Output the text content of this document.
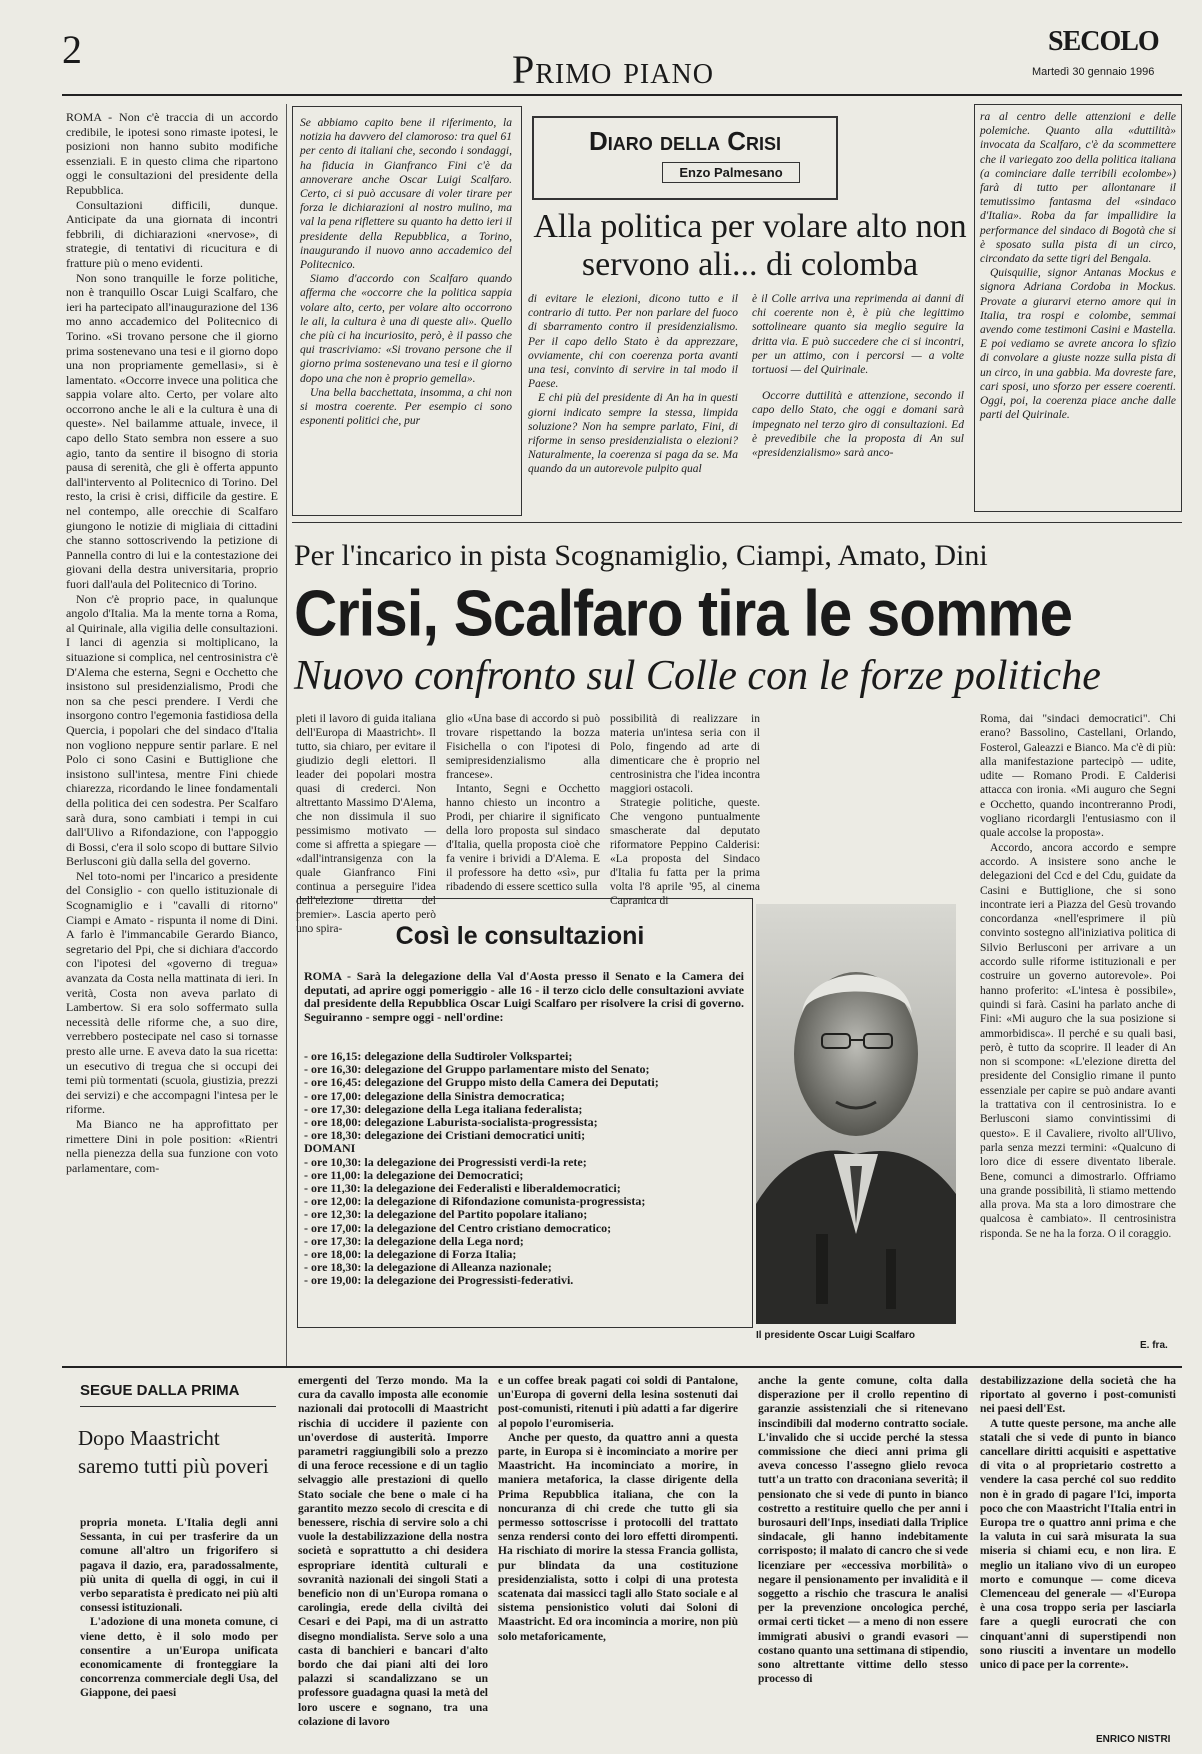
2	Primo piano
SECOLO
Martedì 30 gennaio 1996

ROMA - Non c'è traccia di un accordo credibile, le ipotesi sono rimaste ipotesi, le posizioni non hanno subito modifiche essenziali. E in questo clima che ripartono oggi le consultazioni del presidente della Repubblica.

Consultazioni difficili, dunque. Anticipate da una giornata di incontri febbrili, di dichiarazioni «nervose», di strategie, di tentativi di ricucitura e di fratture più o meno evidenti.

Non sono tranquille le forze politiche, non è tranquillo Oscar Luigi Scalfaro, che ieri ha partecipato all'inaugurazione del 136 mo anno accademico del Politecnico di Torino. «Si trovano persone che il giorno prima sostenevano una tesi e il giorno dopo una non propriamente gemellasi», si è lamentato. «Occorre invece una politica che sappia volare alto. Certo, per volare alto occorrono anche le ali e la cultura è una di queste». Nel bailamme attuale, invece, il capo dello Stato sembra non essere a suo agio, tanto da sentire il bisogno di storia pausa di serenità, che gli è offerta appunto dall'intervento al Politecnico di Torino. Del resto, la crisi è crisi, difficile da gestire. E nel contempo, alle orecchie di Scalfaro giungono le notizie di migliaia di cittadini che stanno sottoscrivendo la petizione di Pannella contro di lui e la contestazione dei giovani della destra universitaria, proprio fuori dall'aula del Politecnico di Torino.

Non c'è proprio pace, in qualunque angolo d'Italia. Ma la mente torna a Roma, al Quirinale, alla vigilia delle consultazioni. I lanci di agenzia si moltiplicano, la situazione si complica, nel centrosinistra c'è D'Alema che esterna, Segni e Occhetto che insistono sul presidenzialismo, Prodi che non sa che pesci prendere. I Verdi che insorgono contro l'egemonia fastidiosa della Quercia, i popolari che del sindaco d'Italia non vogliono neppure sentir parlare. E nel Polo ci sono Casini e Buttiglione che insistono sull'intesa, mentre Fini chiede chiarezza, ricordando le linee fondamentali della politica dei cen sodestra. Per Scalfaro sarà dura, sono cambiati i tempi in cui dall'Ulivo a Rifondazione, con l'appoggio di Bossi, c'era il solo scopo di buttare Silvio Berlusconi giù dalla sella del governo.

Nel toto-nomi per l'incarico a presidente del Consiglio - con quello istituzionale di Scognamiglio e i "cavalli di ritorno" Ciampi e Amato - rispunta il nome di Dini. A farlo è l'immancabile Gerardo Bianco, segretario del Ppi, che si dichiara d'accordo con l'ipotesi del «governo di tregua» avanzata da Costa nella mattinata di ieri. In verità, Costa non aveva parlato di Lambertow. Si era solo soffermato sulla necessità delle riforme che, a suo dire, verrebbero postecipate nel caso si tornasse presto alle urne. E aveva dato la sua ricetta: un esecutivo di tregua che si occupi dei temi più tormentati (scuola, giustizia, prezzi dei servizi) e che accompagni l'intesa per le riforme.

Ma Bianco ne ha approfittato per rimettere Dini in pole position: «Rientri nella pienezza della sua funzione con voto parlamentare, com-

Se abbiamo capito bene il riferimento, la notizia ha davvero del clamoroso: tra quel 61 per cento di italiani che, secondo i sondaggi, ha fiducia in Gianfranco Fini c'è da annoverare anche Oscar Luigi Scalfaro. Certo, ci si può accusare di voler tirare per forza le dichiarazioni al nostro mulino, ma val la pena riflettere su quanto ha detto ieri il presidente della Repubblica, a Torino, inaugurando il nuovo anno accademico del Politecnico.

Siamo d'accordo con Scalfaro quando afferma che «occorre che la politica sappia volare alto, certo, per volare alto occorrono le ali, la cultura è una di queste ali». Quello che più ci ha incuriosito, però, è il passo che qui trascriviamo: «Si trovano persone che il giorno prima sostenevano una tesi e il giorno dopo una che non è proprio gemella».

Una bella bacchettata, insomma, a chi non si mostra coerente. Per esempio ci sono esponenti politici che, pur

Diaro della Crisi
Enzo Palmesano
Alla politica per volare alto non servono ali... di colomba

di evitare le elezioni, dicono tutto e il contrario di tutto. Per non parlare del fuoco di sbarramento contro il presidenzialismo. Per il capo dello Stato è da apprezzare, ovviamente, chi con coerenza porta avanti una tesi, convinto di servire in tal modo il Paese.

E chi più del presidente di An ha in questi giorni indicato sempre la stessa, limpida soluzione? Non ha sempre parlato, Fini, di riforme in senso presidenzialista o elezioni? Naturalmente, la coerenza si paga da se. Ma quando da un autorevole pulpito qual

è il Colle arriva una reprimenda ai danni di chi coerente non è, è più che legittimo sottolineare quanto sia meglio seguire la dritta via. E può succedere che ci si incontri, per un attimo, con i percorsi — a volte tortuosi — del Quirinale.

Occorre duttilità e attenzione, secondo il capo dello Stato, che oggi e domani sarà impegnato nel terzo giro di consultazioni. Ed è prevedibile che la proposta di An sul «presidenzialismo» sarà anco-

ra al centro delle attenzioni e delle polemiche. Quanto alla «duttilità» invocata da Scalfaro, c'è da scommettere che il variegato zoo della politica italiana (a cominciare dalle terribili ecolombe») farà di tutto per allontanare il temutissimo fantasma del «sindaco d'Italia». Roba da far impallidire la performance del sindaco di Bogotà che si è sposato sulla pista di un circo, circondato da sette tigri del Bengala.

Quisquilie, signor Antanas Mockus e signora Adriana Cordoba in Mockus. Provate a giurarvi eterno amore qui in Italia, tra rospi e colombe, semmai avendo come testimoni Casini e Mastella. E poi vediamo se avrete ancora lo sfizio di convolare a giuste nozze sulla pista di un circo, in una gabbia. Ma dovreste fare, cari sposi, uno sforzo per essere coerenti. Oggi, poi, la coerenza piace anche dalle parti del Quirinale.

Per l'incarico in pista Scognamiglio, Ciampi, Amato, Dini
Crisi, Scalfaro tira le somme
Nuovo confronto sul Colle con le forze politiche

pleti il lavoro di guida italiana dell'Europa di Maastricht». Il tutto, sia chiaro, per evitare il giudizio degli elettori. Il leader dei popolari mostra quasi di crederci. Non altrettanto Massimo D'Alema, che non dissimula il suo pessimismo motivato — come si affretta a spiegare — «dall'intransigenza con la quale Gianfranco Fini continua a perseguire l'idea dell'elezione diretta del premier». Lascia aperto però uno spira-

glio «Una base di accordo si può trovare rispettando la bozza Fisichella o con l'ipotesi di semipresidenzialismo alla francese».

Intanto, Segni e Occhetto hanno chiesto un incontro a Prodi, per chiarire il significato della loro proposta sul sindaco d'Italia, quella proposta cioè che fa venire i brividi a D'Alema. E il professore ha detto «sì», pur ribadendo di essere scettico sulla

possibilità di realizzare in materia un'intesa seria con il Polo, fingendo ad arte di dimenticare che è proprio nel centrosinistra che l'idea incontra maggiori ostacoli.

Strategie politiche, queste. Che vengono puntualmente smascherate dal deputato riformatore Peppino Calderisi: «La proposta del Sindaco d'Italia fu fatta per la prima volta l'8 aprile '95, al cinema Capranica di

Roma, dai "sindaci democratici". Chi erano? Bassolino, Castellani, Orlando, Fosterol, Galeazzi e Bianco. Ma c'è di più: alla manifestazione partecipò — udite, udite — Romano Prodi. E Calderisi attacca con ironia. «Mi auguro che Segni e Occhetto, quando incontreranno Prodi, vogliano ricordargli l'entusiasmo con il quale accolse la proposta».

Accordo, ancora accordo e sempre accordo. A insistere sono anche le delegazioni del Ccd e del Cdu, guidate da Casini e Buttiglione, che si sono incontrate ieri a Piazza del Gesù trovando concordanza «nell'esprimere il più convinto sostegno all'iniziativa politica di Silvio Berlusconi per arrivare a un accordo sulle riforme istituzionali e per costruire un governo autorevole». Poi hanno proferito: «L'intesa è possibile», quindi si farà. Casini ha parlato anche di Fini: «Mi auguro che la sua posizione si ammorbidisca». Il perché e su quali basi, però, è tutto da scoprire. Il leader di An non si scompone: «L'elezione diretta del presidente del Consiglio rimane il punto essenziale per capire se può andare avanti la trattativa con il centrosinistra. Io e Berlusconi siamo convintissimi di questo». E il Cavaliere, rivolto all'Ulivo, parla senza mezzi termini: «Qualcuno di loro dice di essere diventato liberale. Bene, comunci a dimostrarlo. Offriamo una grande possibilità, lì stiamo mettendo alla prova. Ma sta a loro dimostrare che qualcosa è cambiato». Il centrosinistra risponda. Se ne ha la forza. O il coraggio.

E. fra.
Così le consultazioni
ROMA - Sarà la delegazione della Val d'Aosta presso il Senato e la Camera dei deputati, ad aprire oggi pomeriggio - alle 16 - il terzo ciclo delle consultazioni avviate dal presidente della Repubblica Oscar Luigi Scalfaro per risolvere la crisi di governo. Seguiranno - sempre oggi - nell'ordine:
- ore 16,15: delegazione della Sudtiroler Volkspartei;
- ore 16,30: delegazione del Gruppo parlamentare misto del Senato;
- ore 16,45: delegazione del Gruppo misto della Camera dei Deputati;
- ore 17,00: delegazione della Sinistra democratica;
- ore 17,30: delegazione della Lega italiana federalista;
- ore 18,00: delegazione Laburista-socialista-progressista;
- ore 18,30: delegazione dei Cristiani democratici uniti;
DOMANI
- ore 10,30: la delegazione dei Progressisti verdi-la rete;
- ore 11,00: la delegazione dei Democratici;
- ore 11,30: la delegazione dei Federalisti e liberaldemocratici;
- ore 12,00: la delegazione di Rifondazione comunista-progressista;
- ore 12,30: la delegazione del Partito popolare italiano;
- ore 17,00: la delegazione del Centro cristiano democratico;
- ore 17,30: la delegazione della Lega nord;
- ore 18,00: la delegazione di Forza Italia;
- ore 18,30: la delegazione di Alleanza nazionale;
- ore 19,00: la delegazione dei Progressisti-federativi.
Il presidente Oscar Luigi Scalfaro
SEGUE DALLA PRIMA
Dopo Maastricht saremo tutti più poveri

propria moneta. L'Italia degli anni Sessanta, in cui per trasferire da un comune all'altro un frigorifero si pagava il dazio, era, paradossalmente, più unita di quella di oggi, in cui il verbo separatista è predicato nei più alti consessi istituzionali.

L'adozione di una moneta comune, ci viene detto, è il solo modo per consentire a un'Europa unificata economicamente di fronteggiare la concorrenza commerciale degli Usa, del Giappone, dei paesi

emergenti del Terzo mondo. Ma la cura da cavallo imposta alle economie nazionali dai protocolli di Maastricht rischia di uccidere il paziente con un'overdose di austerità. Imporre parametri raggiungibili solo a prezzo di una feroce recessione e di un taglio selvaggio alle prestazioni di quello Stato sociale che bene o male ci ha garantito mezzo secolo di crescita e di benessere, rischia di servire solo a chi vuole la destabilizzazione della nostra società e soprattutto a chi desidera espropriare identità culturali e sovranità nazionali dei singoli Stati a beneficio non di un'Europa romana o carolingia, erede della civiltà dei Cesari e dei Papi, ma di un astratto disegno mondialista. Serve solo a una casta di banchieri e bancari d'alto bordo che dai piani alti dei loro palazzi si scandalizzano se un professore guadagna quasi la metà del loro uscere e sognano, tra una colazione di lavoro

e un coffee break pagati coi soldi di Pantalone, un'Europa di governi della lesina sostenuti dai post-comunisti, ritenuti i più adatti a far digerire al popolo l'euromiseria.

Anche per questo, da quattro anni a questa parte, in Europa si è incominciato a morire per Maastricht. Ha incominciato a morire, in maniera metaforica, la classe dirigente della Prima Repubblica italiana, che con la noncuranza di chi crede che tutto gli sia permesso sottoscrisse i protocolli del trattato senza rendersi conto dei loro effetti dirompenti. Ha rischiato di morire la stessa Francia gollista, pur blindata da una costituzione presidenzialista, sotto i colpi di una protesta scatenata dai massicci tagli allo Stato sociale e al sistema pensionistico voluti dai Soloni di Maastricht. Ed ora incomincia a morire, non più solo metaforicamente,

anche la gente comune, colta dalla disperazione per il crollo repentino di garanzie assistenziali che si ritenevano inscindibili dal moderno contratto sociale. L'invalido che si uccide perché la stessa commissione che dieci anni prima gli aveva concesso l'assegno glielo revoca tutt'a un tratto con draconiana severità; il pensionato che si vede di punto in bianco costretto a restituire quello che per anni i burosauri dell'Inps, insediati dalla Triplice sindacale, gli hanno indebitamente corrisposto; il malato di cancro che si vede licenziare per «eccessiva morbilità» o negare il pensionamento per invalidità e il soggetto a rischio che trascura le analisi per la prevenzione oncologica perché, ormai certi ticket — a meno di non essere immigrati abusivi o grandi evasori — costano quanto una settimana di stipendio, sono altrettante vittime dello stesso processo di

destabilizzazione della società che ha riportato al governo i post-comunisti nei paesi dell'Est.

A tutte queste persone, ma anche alle statali che si vede di punto in bianco cancellare diritti acquisiti e aspettative di vita o al proprietario costretto a vendere la casa perché col suo reddito non è in grado di pagare l'Ici, importa poco che con Maastricht l'Italia entri in Europa tre o quattro anni prima e che la valuta in cui sarà misurata la sua miseria si chiami ecu, e non lira. E meglio un italiano vivo di un europeo morto e comunque — come diceva Clemenceau del generale — «l'Europa è una cosa troppo seria per lasciarla fare a quegli eurocrati che con cinquant'anni di superstipendi non sono riusciti a inventare un modello unico di pace per la corrente».

ENRICO NISTRI
